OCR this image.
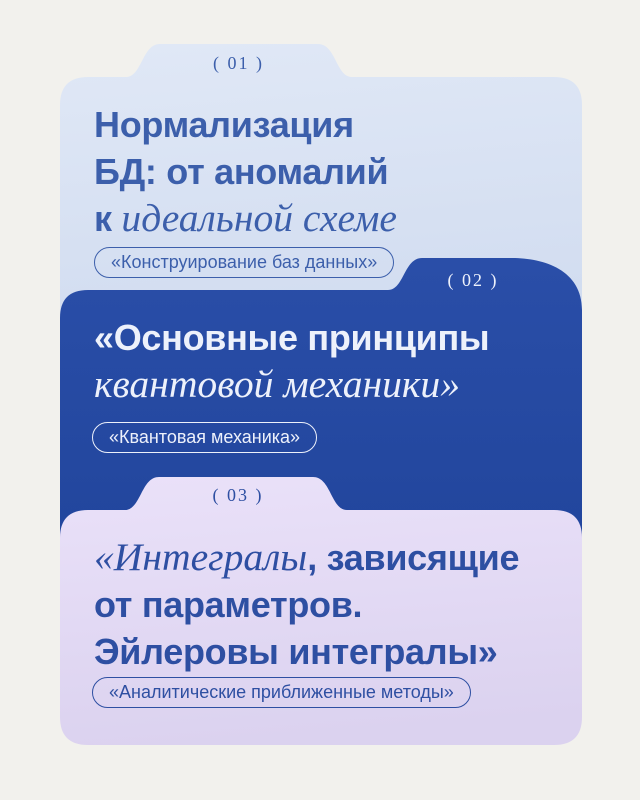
( 01 )
Нормализация
БД: от аномалий
к идеальной схеме
«Конструирование баз данных»
( 02 )
«Основные принципы
квантовой механики»
«Квантовая механика»
( 03 )
«Интегралы, зависящие
от параметров.
Эйлеровы интегралы»
«Аналитические приближенные методы»
